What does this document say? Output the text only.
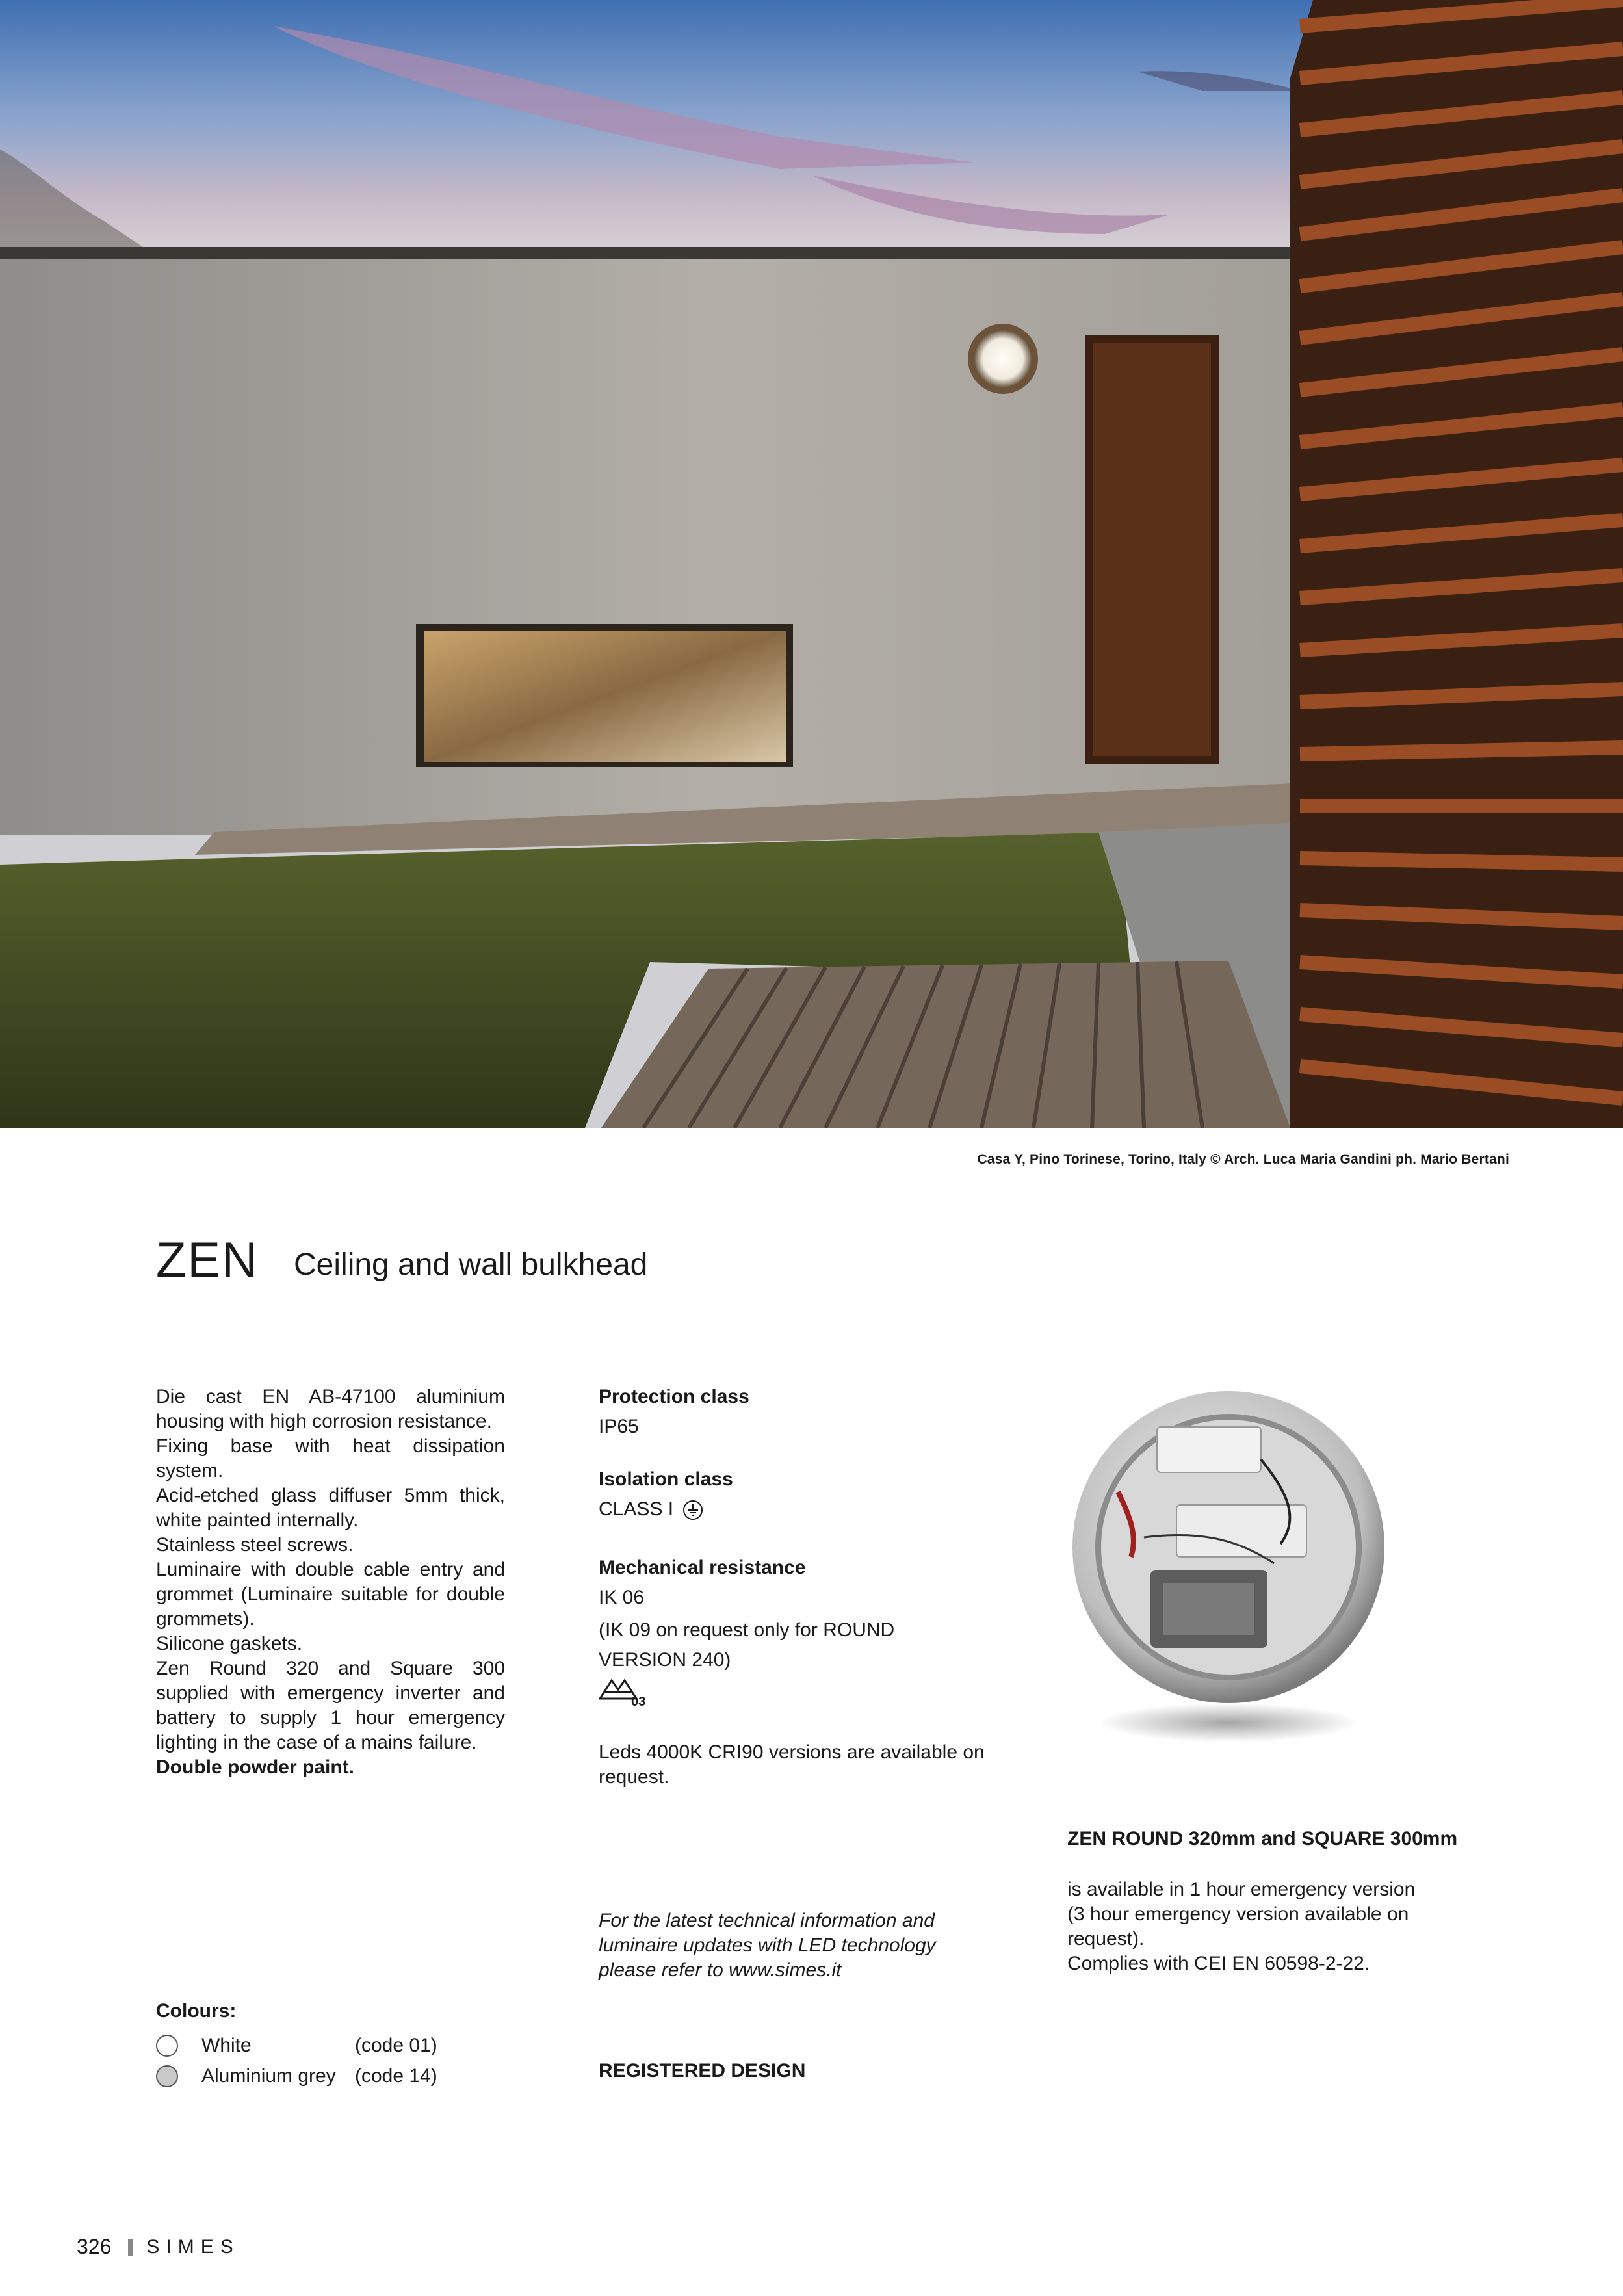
Casa Y, Pino Torinese, Torino, Italy © Arch. Luca Maria Gandini ph. Mario Bertani
ZEN Ceiling and wall bulkhead

Die cast EN AB-47100 aluminium housing with high corrosion resistance.

Fixing base with heat dissipation system.

Acid-etched glass diffuser 5mm thick, white painted internally.

Stainless steel screws.

Luminaire with double cable entry and grommet (Luminaire suitable for double grommets).

Silicone gaskets.

Zen Round 320 and Square 300 supplied with emergency inverter and battery to supply 1 hour emergency lighting in the case of a mains failure.

Double powder paint.

Colours:
White	(code 01)
Aluminium grey (code 14)

Protection class

IP65

Isolation class

CLASS I

Mechanical resistance

IK 06

(IK 09 on request only for ROUND VERSION 240)

03

Leds 4000K CRI90 versions are available on request.

For the latest technical information and luminaire updates with LED technology please refer to www.simes.it
REGISTERED DESIGN

ZEN ROUND 320mm and SQUARE 300mm

is available in 1 hour emergency version

(3 hour emergency version available on request).

Complies with CEI EN 60598-2-22.

326 SIMES
